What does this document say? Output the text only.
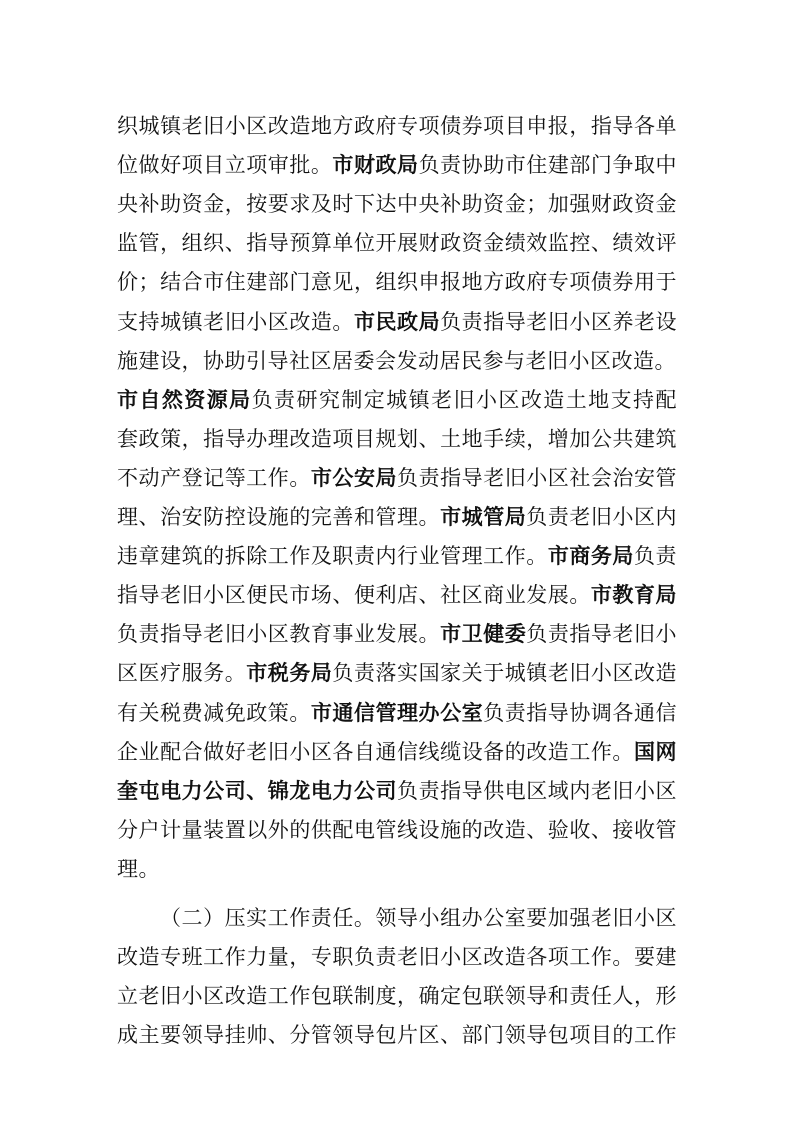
织城镇老旧小区改造地方政府专项债券项目申报，指导各单
位做好项目立项审批。市财政局负责协助市住建部门争取中
央补助资金，按要求及时下达中央补助资金；加强财政资金
监管，组织、指导预算单位开展财政资金绩效监控、绩效评
价；结合市住建部门意见，组织申报地方政府专项债券用于
支持城镇老旧小区改造。市民政局负责指导老旧小区养老设
施建设，协助引导社区居委会发动居民参与老旧小区改造。
市自然资源局负责研究制定城镇老旧小区改造土地支持配
套政策，指导办理改造项目规划、土地手续，增加公共建筑
不动产登记等工作。市公安局负责指导老旧小区社会治安管
理、治安防控设施的完善和管理。市城管局负责老旧小区内
违章建筑的拆除工作及职责内行业管理工作。市商务局负责
指导老旧小区便民市场、便利店、社区商业发展。市教育局
负责指导老旧小区教育事业发展。市卫健委负责指导老旧小
区医疗服务。市税务局负责落实国家关于城镇老旧小区改造
有关税费减免政策。市通信管理办公室负责指导协调各通信
企业配合做好老旧小区各自通信线缆设备的改造工作。国网
奎屯电力公司、锦龙电力公司负责指导供电区域内老旧小区
分户计量装置以外的供配电管线设施的改造、验收、接收管
理。
（二）压实工作责任。领导小组办公室要加强老旧小区
改造专班工作力量，专职负责老旧小区改造各项工作。要建
立老旧小区改造工作包联制度，确定包联领导和责任人，形
成主要领导挂帅、分管领导包片区、部门领导包项目的工作
